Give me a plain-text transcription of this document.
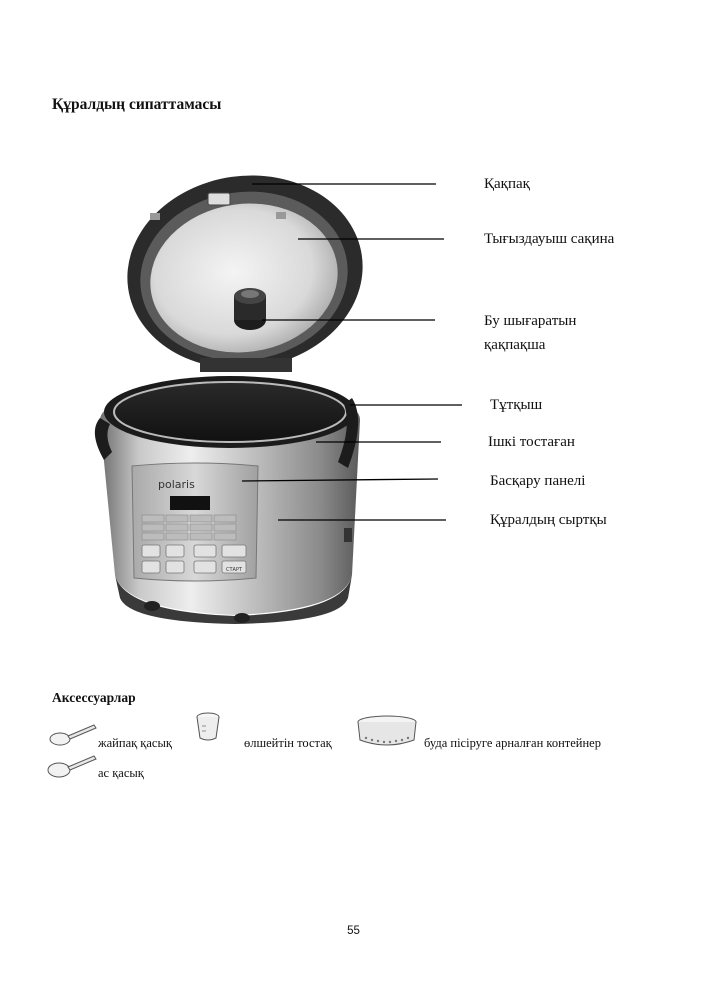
Құралдың сипаттамасы
polaris
СТАРТ
Қақпақ
Тығыздауыш сақина
Бу шығаратын қақпақша
Тұтқыш
Ішкі тостаған
Басқару панелі
Құралдың сыртқы
Аксессуарлар
жайпақ қасық	өлшейтін тостақ	буда пісіруге арналған контейнер
ас қасық
55
